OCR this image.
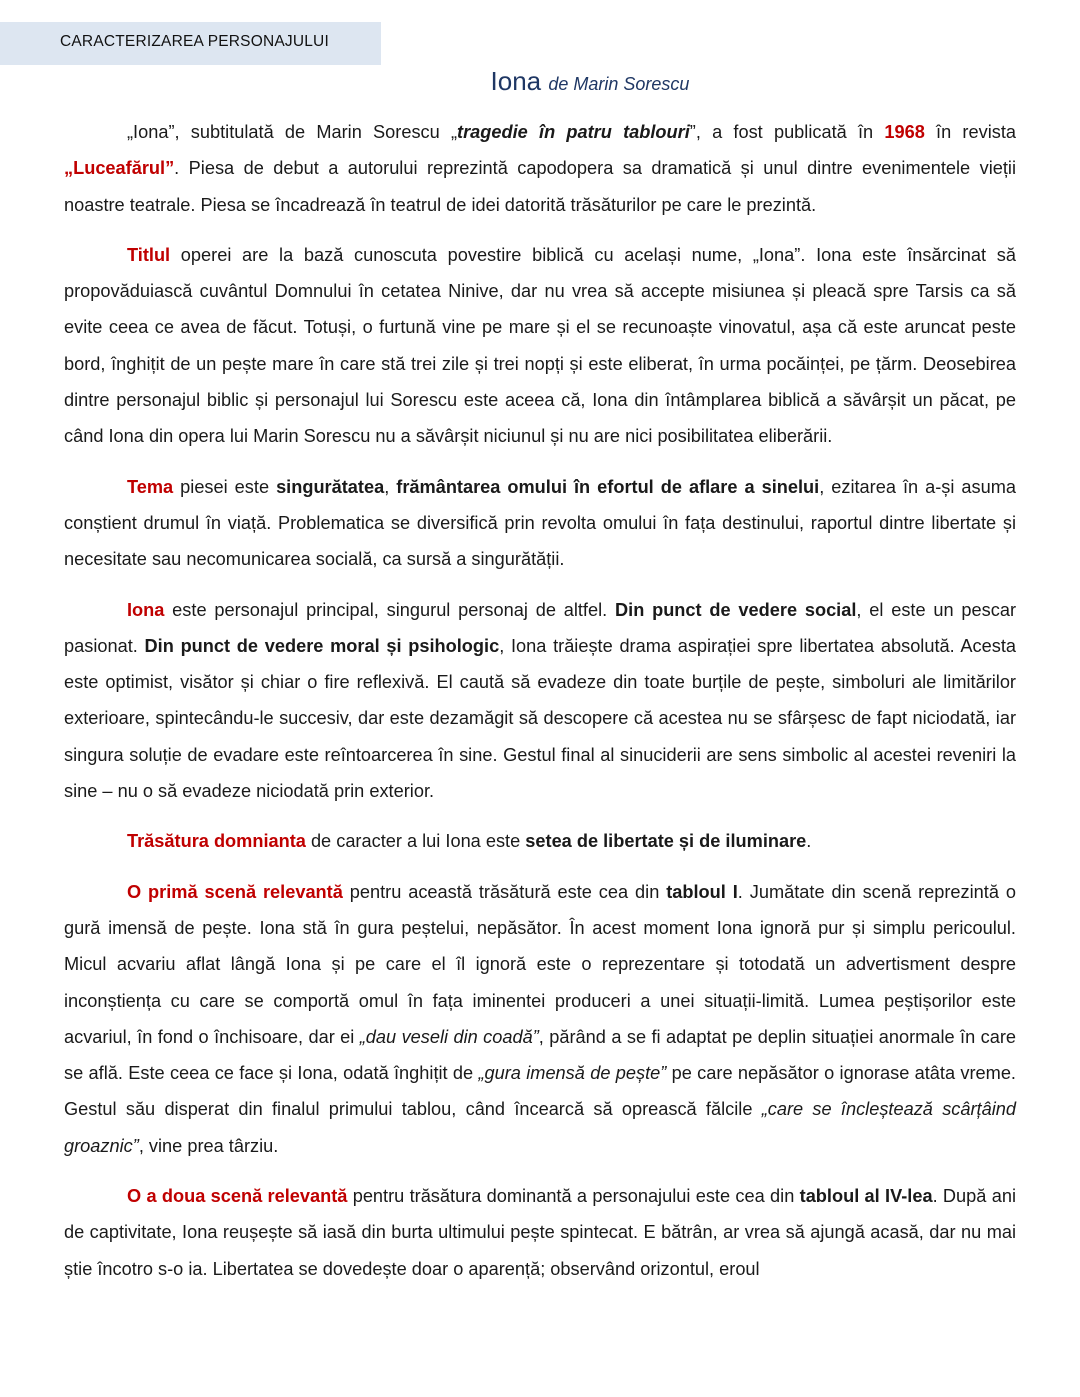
CARACTERIZAREA PERSONAJULUI
Iona de Marin Sorescu

„Iona”, subtitulată de Marin Sorescu „tragedie în patru tablouri”, a fost publicată în 1968 în revista „Luceafărul”. Piesa de debut a autorului reprezintă capodopera sa dramatică și unul dintre evenimentele vieții noastre teatrale. Piesa se încadrează în teatrul de idei datorită trăsăturilor pe care le prezintă.

Titlul operei are la bază cunoscuta povestire biblică cu același nume, „Iona”. Iona este însărcinat să propovăduiască cuvântul Domnului în cetatea Ninive, dar nu vrea să accepte misiunea și pleacă spre Tarsis ca să evite ceea ce avea de făcut. Totuși, o furtună vine pe mare și el se recunoaște vinovatul, așa că este aruncat peste bord, înghițit de un pește mare în care stă trei zile și trei nopți și este eliberat, în urma pocăinței, pe țărm. Deosebirea dintre personajul biblic și personajul lui Sorescu este aceea că, Iona din întâmplarea biblică a săvârșit un păcat, pe când Iona din opera lui Marin Sorescu nu a săvârșit niciunul și nu are nici posibilitatea eliberării.

Tema piesei este singurătatea, frământarea omului în efortul de aflare a sinelui, ezitarea în a-și asuma conștient drumul în viață. Problematica se diversifică prin revolta omului în fața destinului, raportul dintre libertate și necesitate sau necomunicarea socială, ca sursă a singurătății.

Iona este personajul principal, singurul personaj de altfel. Din punct de vedere social, el este un pescar pasionat. Din punct de vedere moral și psihologic, Iona trăiește drama aspirației spre libertatea absolută. Acesta este optimist, visător și chiar o fire reflexivă. El caută să evadeze din toate burțile de pește, simboluri ale limitărilor exterioare, spintecându-le succesiv, dar este dezamăgit să descopere că acestea nu se sfârșesc de fapt niciodată, iar singura soluție de evadare este reîntoarcerea în sine. Gestul final al sinuciderii are sens simbolic al acestei reveniri la sine – nu o să evadeze niciodată prin exterior.

Trăsătura domnianta de caracter a lui Iona este setea de libertate și de iluminare.

O primă scenă relevantă pentru această trăsătură este cea din tabloul I. Jumătate din scenă reprezintă o gură imensă de pește. Iona stă în gura peștelui, nepăsător. În acest moment Iona ignoră pur și simplu pericoulul. Micul acvariu aflat lângă Iona și pe care el îl ignoră este o reprezentare și totodată un advertisment despre inconștiența cu care se comportă omul în fața iminentei produceri a unei situații-limită. Lumea peștișorilor este acvariul, în fond o închisoare, dar ei „dau veseli din coadă”, părând a se fi adaptat pe deplin situației anormale în care se află. Este ceea ce face și Iona, odată înghițit de „gura imensă de pește” pe care nepăsător o ignorase atâta vreme. Gestul său disperat din finalul primului tablou, când încearcă să oprească fălcile „care se încleștează scârțâind groaznic”, vine prea târziu.

O a doua scenă relevantă pentru trăsătura dominantă a personajului este cea din tabloul al IV-lea. După ani de captivitate, Iona reușește să iasă din burta ultimului pește spintecat. E bătrân, ar vrea să ajungă acasă, dar nu mai știe încotro s-o ia. Libertatea se dovedește doar o aparență; observând orizontul, eroul
